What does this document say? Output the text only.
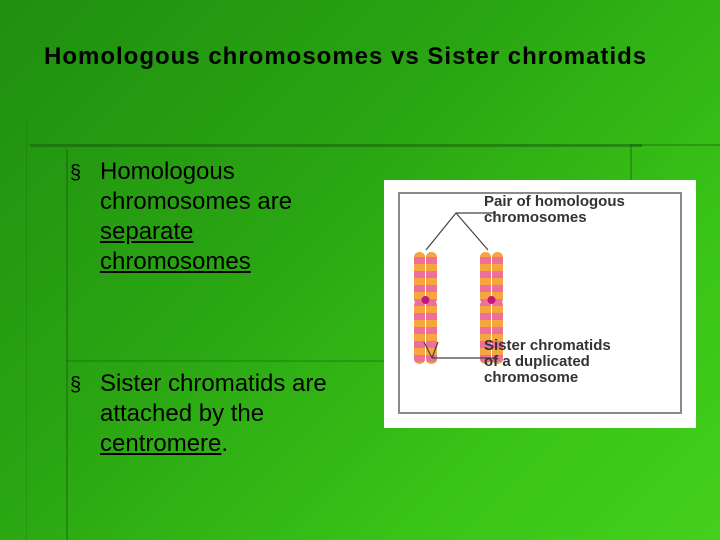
Homologous chromosomes vs Sister chromatids
§ Homologous
chromosomes are
separate
chromosomes
§ Sister chromatids are
attached by the
centromere.
Pair of homologous
chromosomes
Sister chromatids
of a duplicated
chromosome
